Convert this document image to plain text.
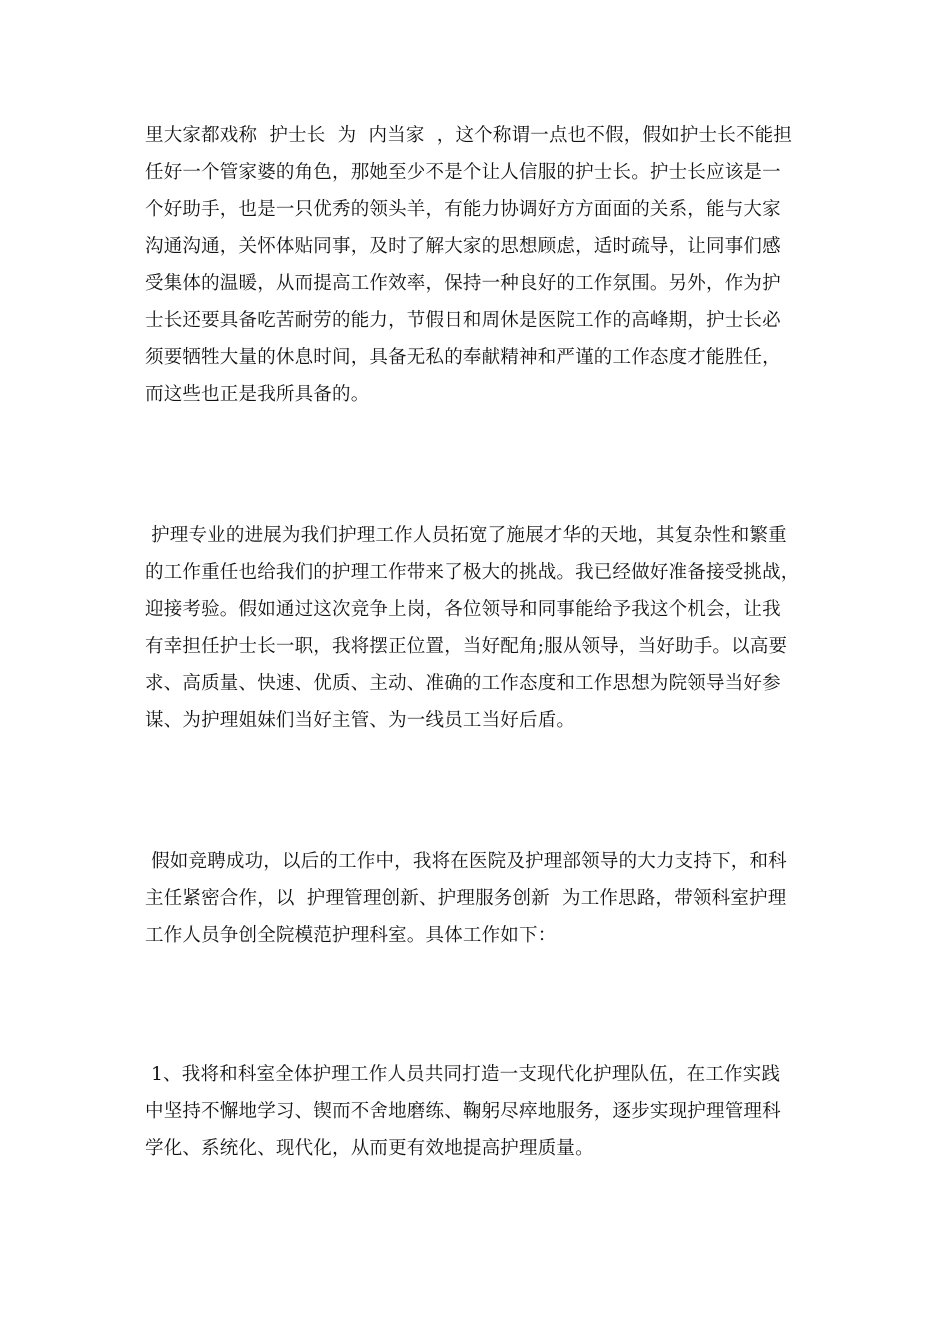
里大家都戏称  护士长  为  内当家  ，这个称谓一点也不假，假如护士长不能担
任好一个管家婆的角色，那她至少不是个让人信服的护士长。护士长应该是一
个好助手，也是一只优秀的领头羊，有能力协调好方方面面的关系，能与大家
沟通沟通，关怀体贴同事，及时了解大家的思想顾虑，适时疏导，让同事们感
受集体的温暖，从而提高工作效率，保持一种良好的工作氛围。另外，作为护
士长还要具备吃苦耐劳的能力，节假日和周休是医院工作的高峰期，护士长必
须要牺牲大量的休息时间，具备无私的奉献精神和严谨的工作态度才能胜任，
而这些也正是我所具备的。
护理专业的进展为我们护理工作人员拓宽了施展才华的天地，其复杂性和繁重
的工作重任也给我们的护理工作带来了极大的挑战。我已经做好准备接受挑战，
迎接考验。假如通过这次竞争上岗，各位领导和同事能给予我这个机会，让我
有幸担任护士长一职，我将摆正位置，当好配角;服从领导，当好助手。以高要
求、高质量、快速、优质、主动、准确的工作态度和工作思想为院领导当好参
谋、为护理姐妹们当好主管、为一线员工当好后盾。
假如竞聘成功，以后的工作中，我将在医院及护理部领导的大力支持下，和科
主任紧密合作，以  护理管理创新、护理服务创新  为工作思路，带领科室护理
工作人员争创全院模范护理科室。具体工作如下：
1、我将和科室全体护理工作人员共同打造一支现代化护理队伍，在工作实践
中坚持不懈地学习、锲而不舍地磨练、鞠躬尽瘁地服务，逐步实现护理管理科
学化、系统化、现代化，从而更有效地提高护理质量。
